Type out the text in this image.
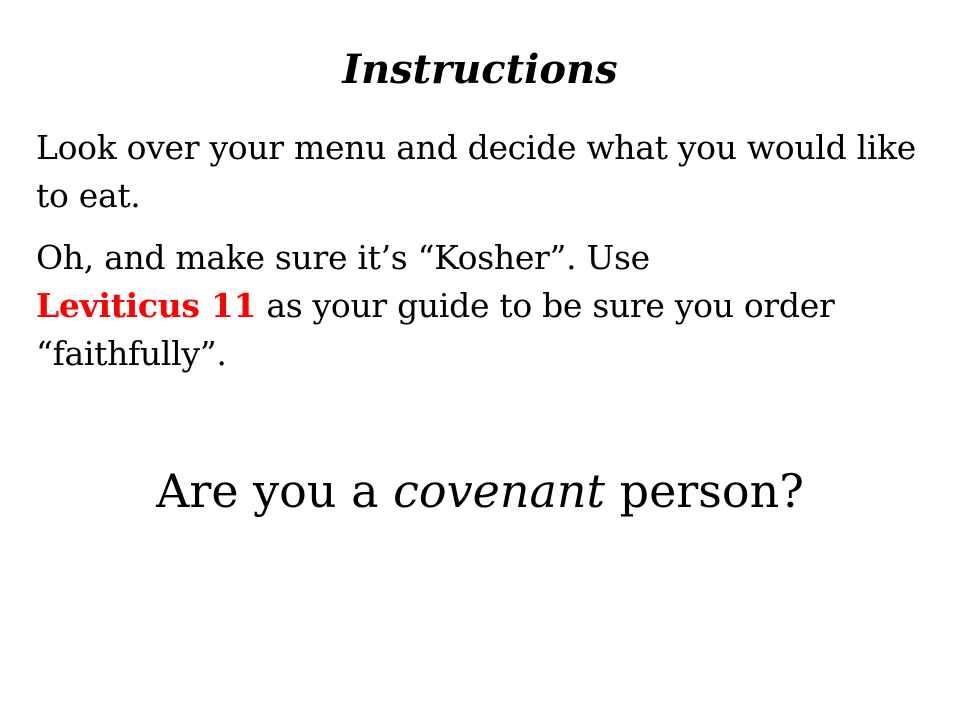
Instructions

Look over your menu and decide what you would like to eat.

Oh, and make sure it’s “Kosher”. Use
Leviticus 11 as your guide to be sure you order “faithfully”.

Are you a covenant person?
